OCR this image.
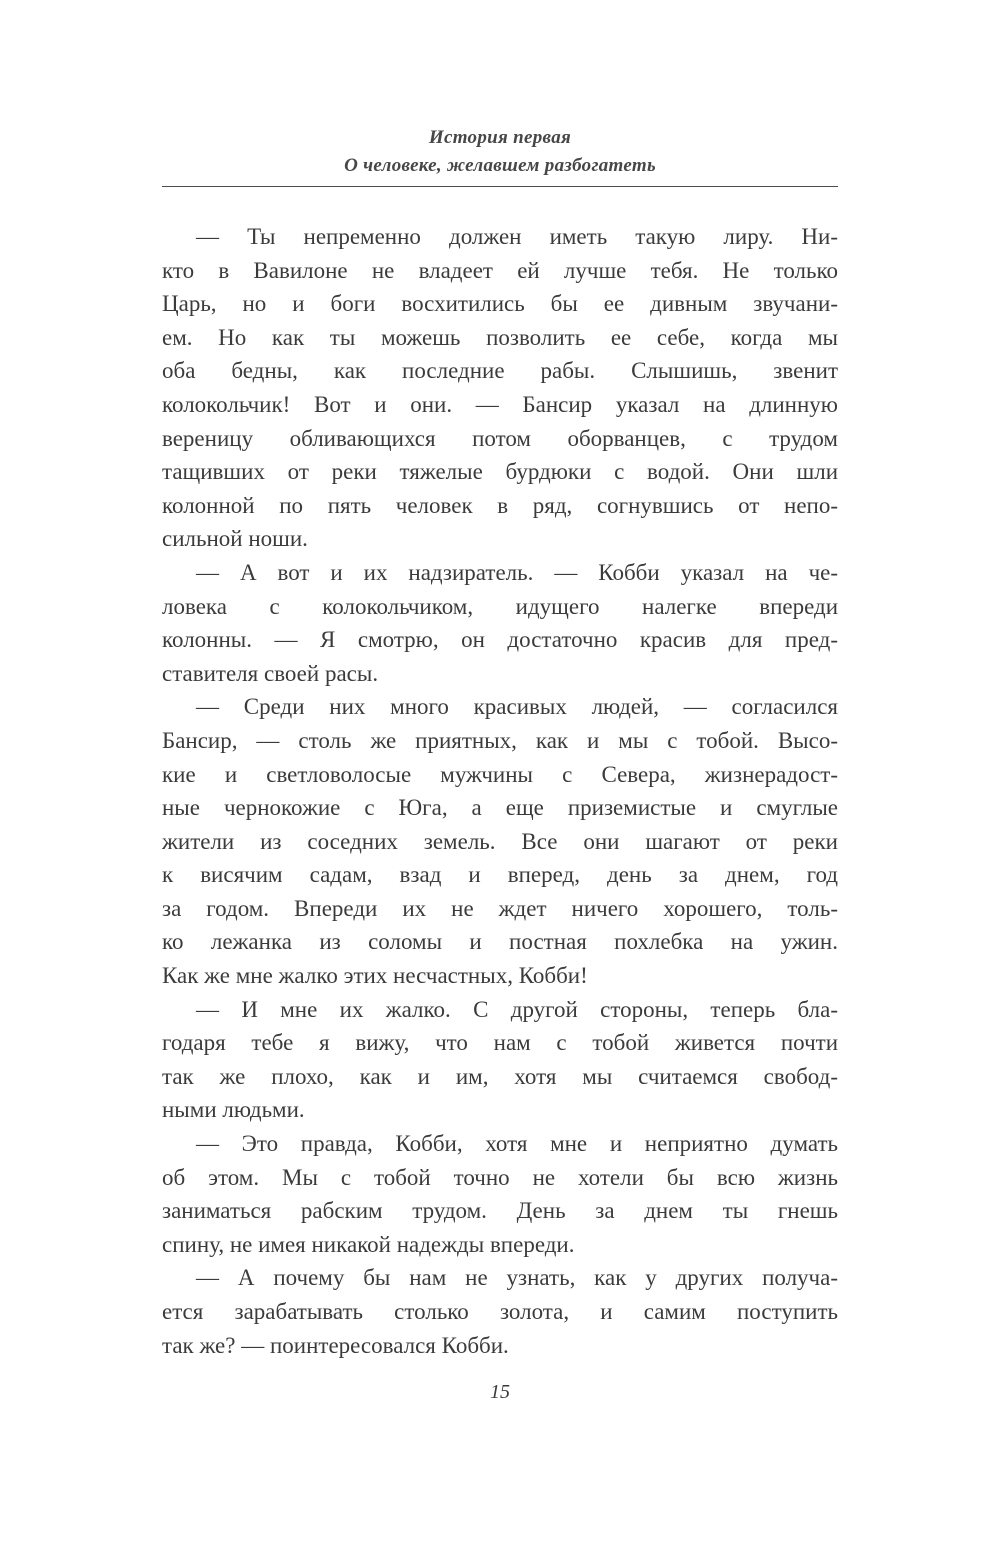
История первая
О человеке, желавшем разбогатеть
— Ты непременно должен иметь такую лиру. Ни-
кто в Вавилоне не владеет ей лучше тебя. Не только
Царь, но и боги восхитились бы ее дивным звучани-
ем. Но как ты можешь позволить ее себе, когда мы
оба бедны, как последние рабы. Слышишь, звенит
колокольчик! Вот и они. — Бансир указал на длинную
вереницу обливающихся потом оборванцев, с трудом
тащивших от реки тяжелые бурдюки с водой. Они шли
колонной по пять человек в ряд, согнувшись от непо-
сильной ноши.
— А вот и их надзиратель. — Кобби указал на че-
ловека с колокольчиком, идущего налегке впереди
колонны. — Я смотрю, он достаточно красив для пред-
ставителя своей расы.
— Среди них много красивых людей, — согласился
Бансир, — столь же приятных, как и мы с тобой. Высо-
кие и светловолосые мужчины с Севера, жизнерадост-
ные чернокожие с Юга, а еще приземистые и смуглые
жители из соседних земель. Все они шагают от реки
к висячим садам, взад и вперед, день за днем, год
за годом. Впереди их не ждет ничего хорошего, толь-
ко лежанка из соломы и постная похлебка на ужин.
Как же мне жалко этих несчастных, Кобби!
— И мне их жалко. С другой стороны, теперь бла-
годаря тебе я вижу, что нам с тобой живется почти
так же плохо, как и им, хотя мы считаемся свобод-
ными людьми.
— Это правда, Кобби, хотя мне и неприятно думать
об этом. Мы с тобой точно не хотели бы всю жизнь
заниматься рабским трудом. День за днем ты гнешь
спину, не имея никакой надежды впереди.
— А почему бы нам не узнать, как у других получа-
ется зарабатывать столько золота, и самим поступить
так же? — поинтересовался Кобби.
15
